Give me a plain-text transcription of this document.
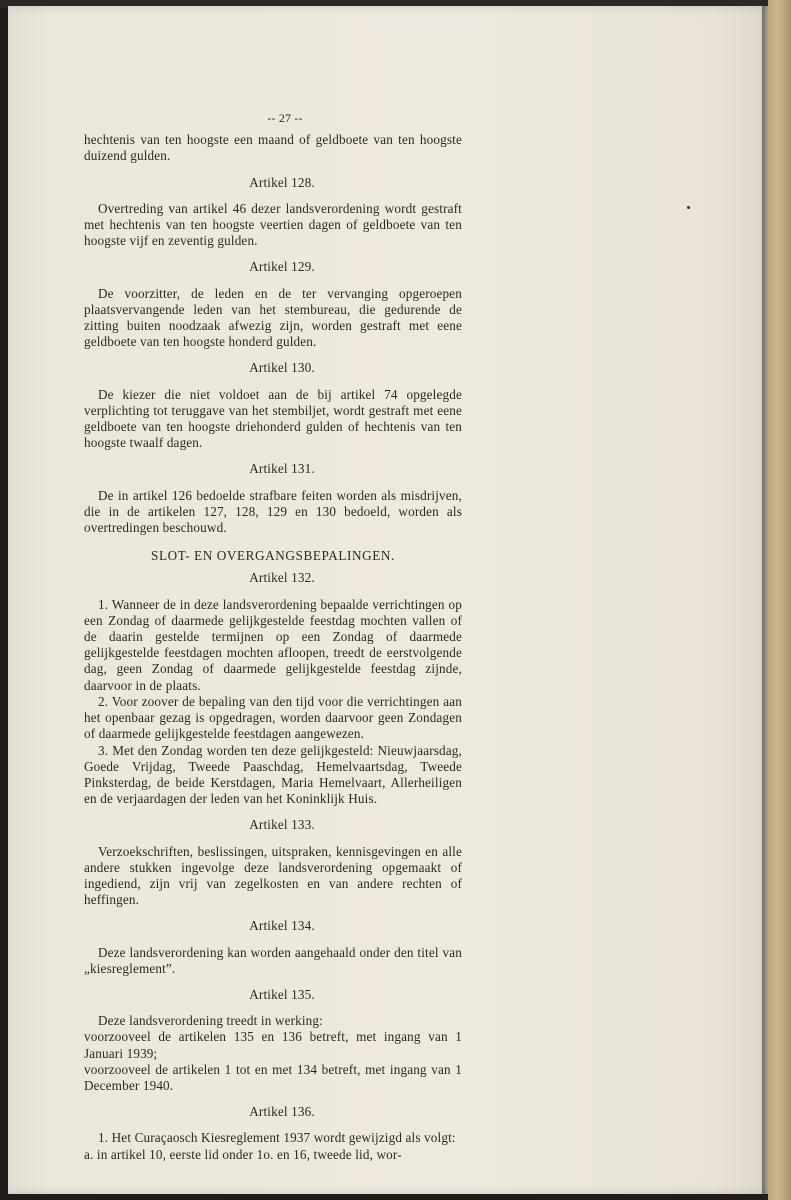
-- 27 --

hechtenis van ten hoogste een maand of geldboete van ten hoogste duizend gulden.

Artikel 128.

Overtreding van artikel 46 dezer landsverordening wordt gestraft met hechtenis van ten hoogste veertien dagen of geldboete van ten hoogste vijf en zeventig gulden.

Artikel 129.

De voorzitter, de leden en de ter vervanging opgeroepen plaatsvervangende leden van het stembureau, die gedurende de zitting buiten noodzaak afwezig zijn, worden gestraft met eene geldboete van ten hoogste honderd gulden.

Artikel 130.

De kiezer die niet voldoet aan de bij artikel 74 opgelegde verplichting tot teruggave van het stembiljet, wordt gestraft met eene geldboete van ten hoogste driehonderd gulden of hechtenis van ten hoogste twaalf dagen.

Artikel 131.

De in artikel 126 bedoelde strafbare feiten worden als misdrijven, die in de artikelen 127, 128, 129 en 130 bedoeld, worden als overtredingen beschouwd.

SLOT- EN OVERGANGSBEPALINGEN.
Artikel 132.

1. Wanneer de in deze landsverordening bepaalde verrichtingen op een Zondag of daarmede gelijkgestelde feestdag mochten vallen of de daarin gestelde termijnen op een Zondag of daarmede gelijkgestelde feestdagen mochten afloopen, treedt de eerstvolgende dag, geen Zondag of daarmede gelijkgestelde feestdag zijnde, daarvoor in de plaats.

2. Voor zoover de bepaling van den tijd voor die verrichtingen aan het openbaar gezag is opgedragen, worden daarvoor geen Zondagen of daarmede gelijkgestelde feestdagen aangewezen.

3. Met den Zondag worden ten deze gelijkgesteld: Nieuwjaarsdag, Goede Vrijdag, Tweede Paaschdag, Hemelvaartsdag, Tweede Pinksterdag, de beide Kerstdagen, Maria Hemelvaart, Allerheiligen en de verjaardagen der leden van het Koninklijk Huis.

Artikel 133.

Verzoekschriften, beslissingen, uitspraken, kennisgevingen en alle andere stukken ingevolge deze landsverordening opgemaakt of ingediend, zijn vrij van zegelkosten en van andere rechten of heffingen.

Artikel 134.

Deze landsverordening kan worden aangehaald onder den titel van „kiesreglement”.

Artikel 135.

Deze landsverordening treedt in werking:

voorzooveel de artikelen 135 en 136 betreft, met ingang van 1 Januari 1939;

voorzooveel de artikelen 1 tot en met 134 betreft, met ingang van 1 December 1940.

Artikel 136.

1. Het Curaçaosch Kiesreglement 1937 wordt gewijzigd als volgt:

a. in artikel 10, eerste lid onder 1o. en 16, tweede lid, wor-
